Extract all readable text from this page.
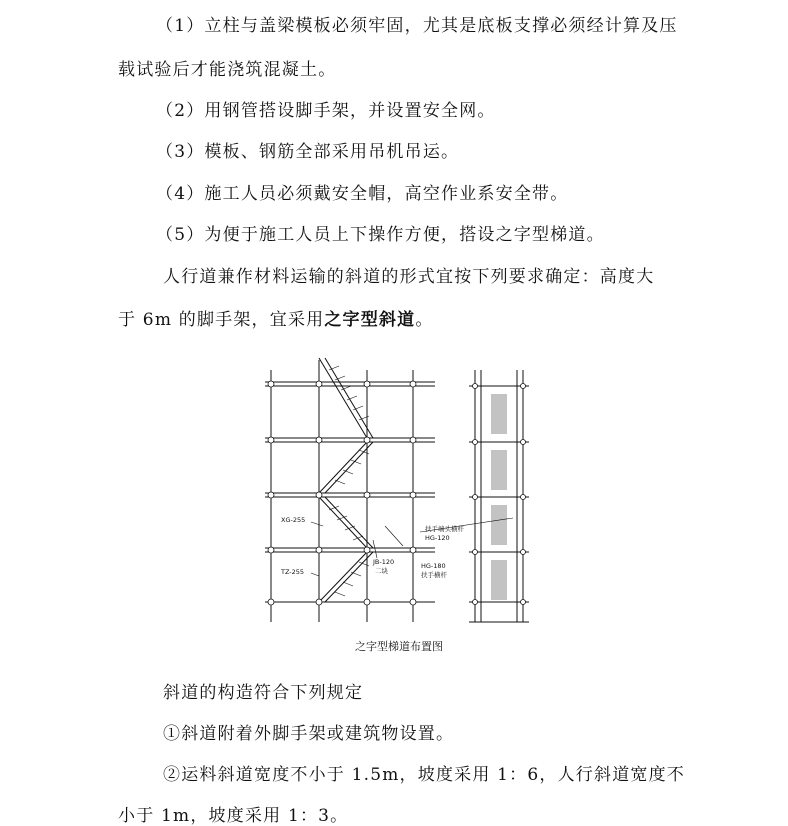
（1）立柱与盖梁模板必须牢固，尤其是底板支撑必须经计算及压
载试验后才能浇筑混凝土。
（2）用钢管搭设脚手架，并设置安全网。
（3）模板、钢筋全部采用吊机吊运。
（4）施工人员必须戴安全帽，高空作业系安全带。
（5）为便于施工人员上下操作方便，搭设之字型梯道。
人行道兼作材料运输的斜道的形式宜按下列要求确定：高度大
于 6m 的脚手架，宜采用之字型斜道。
XG-255
TZ-255
JB-120
二块
扶手端头横杆
HG-120
HG-180
扶手横杆
之字型梯道布置图
斜道的构造符合下列规定
①斜道附着外脚手架或建筑物设置。
②运料斜道宽度不小于 1.5m，坡度采用 1：6，人行斜道宽度不
小于 1m，坡度采用 1：3。
